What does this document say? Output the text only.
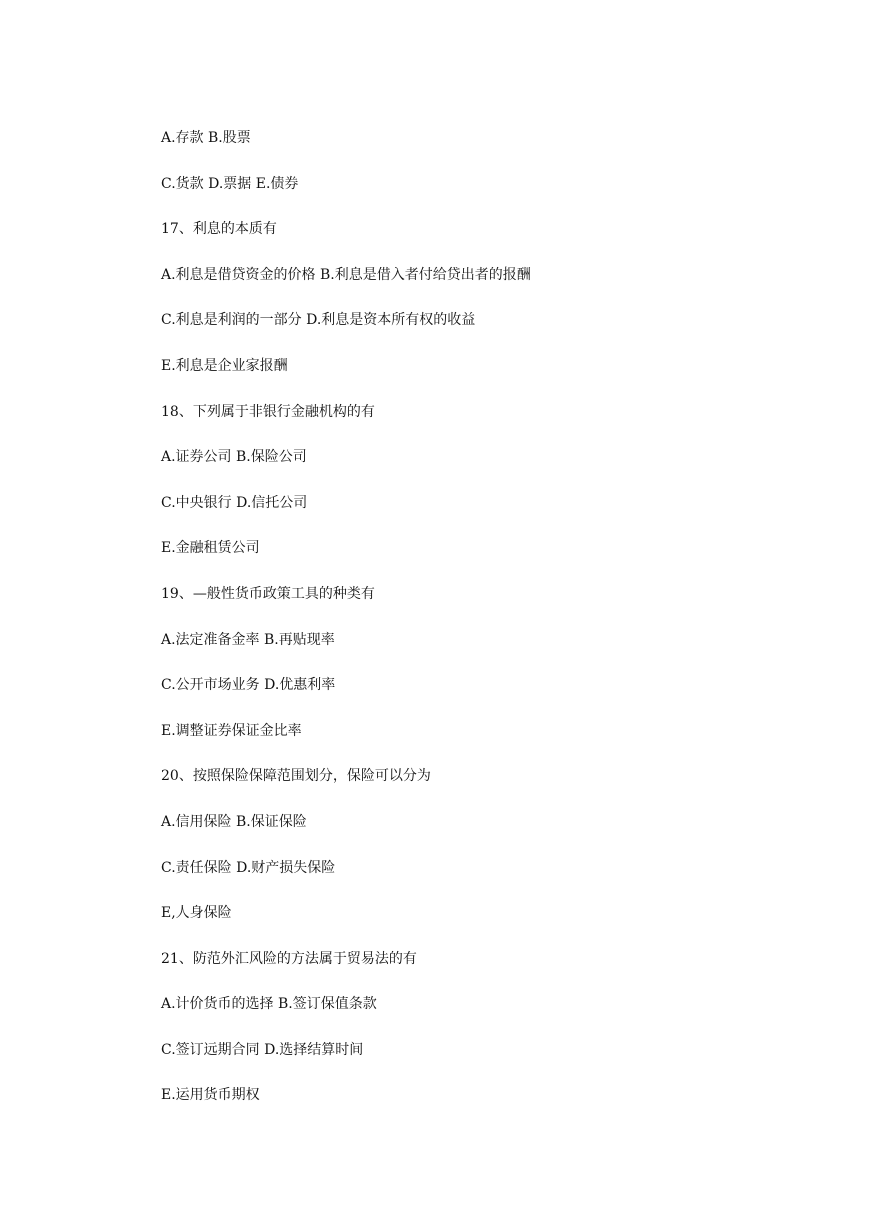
A.存款 B.股票

C.货款 D.票据 E.债券

17、利息的本质有

A.利息是借贷资金的价格 B.利息是借入者付给贷出者的报酬

C.利息是利润的一部分 D.利息是资本所有权的收益

E.利息是企业家报酬

18、下列属于非银行金融机构的有

A.证券公司 B.保险公司

C.中央银行 D.信托公司

E.金融租赁公司

19、—般性货币政策工具的种类有

A.法定准备金率 B.再贴现率

C.公开市场业务 D.优惠利率

E.调整证券保证金比率

20、按照保险保障范围划分，保险可以分为

A.信用保险 B.保证保险

C.责任保险 D.财产损失保险

E,人身保险

21、防范外汇风险的方法属于贸易法的有

A.计价货币的选择 B.签订保值条款

C.签订远期合同 D.选择结算时间

E.运用货币期权
